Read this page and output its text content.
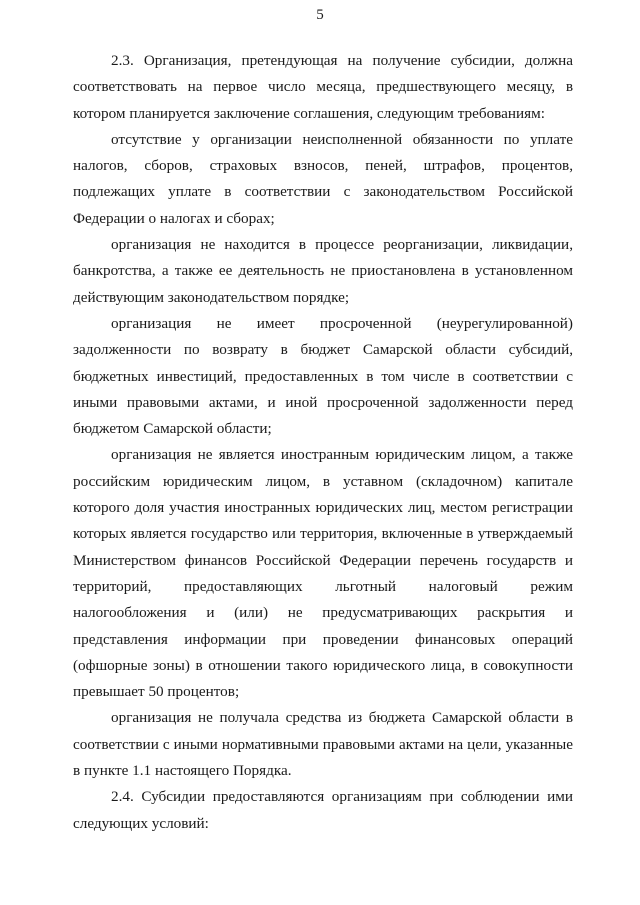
5

2.3. Организация, претендующая на получение субсидии, должна соответствовать на первое число месяца, предшествующего месяцу, в котором планируется заключение соглашения, следующим требованиям:

отсутствие у организации неисполненной обязанности по уплате налогов, сборов, страховых взносов, пеней, штрафов, процентов, подлежащих уплате в соответствии с законодательством Российской Федерации о налогах и сборах;

организация не находится в процессе реорганизации, ликвидации, банкротства, а также ее деятельность не приостановлена в установленном действующим законодательством порядке;

организация не имеет просроченной (неурегулированной) задолженности по возврату в бюджет Самарской области субсидий, бюджетных инвестиций, предоставленных в том числе в соответствии с иными правовыми актами, и иной просроченной задолженности перед бюджетом Самарской области;

организация не является иностранным юридическим лицом, а также российским юридическим лицом, в уставном (складочном) капитале которого доля участия иностранных юридических лиц, местом регистрации которых является государство или территория, включенные в утверждаемый Министерством финансов Российской Федерации перечень государств и территорий, предоставляющих льготный налоговый режим налогообложения и (или) не предусматривающих раскрытия и представления информации при проведении финансовых операций (офшорные зоны) в отношении такого юридического лица, в совокупности превышает 50 процентов;

организация не получала средства из бюджета Самарской области в соответствии с иными нормативными правовыми актами на цели, указанные в пункте 1.1 настоящего Порядка.

2.4. Субсидии предоставляются организациям при соблюдении ими следующих условий:
